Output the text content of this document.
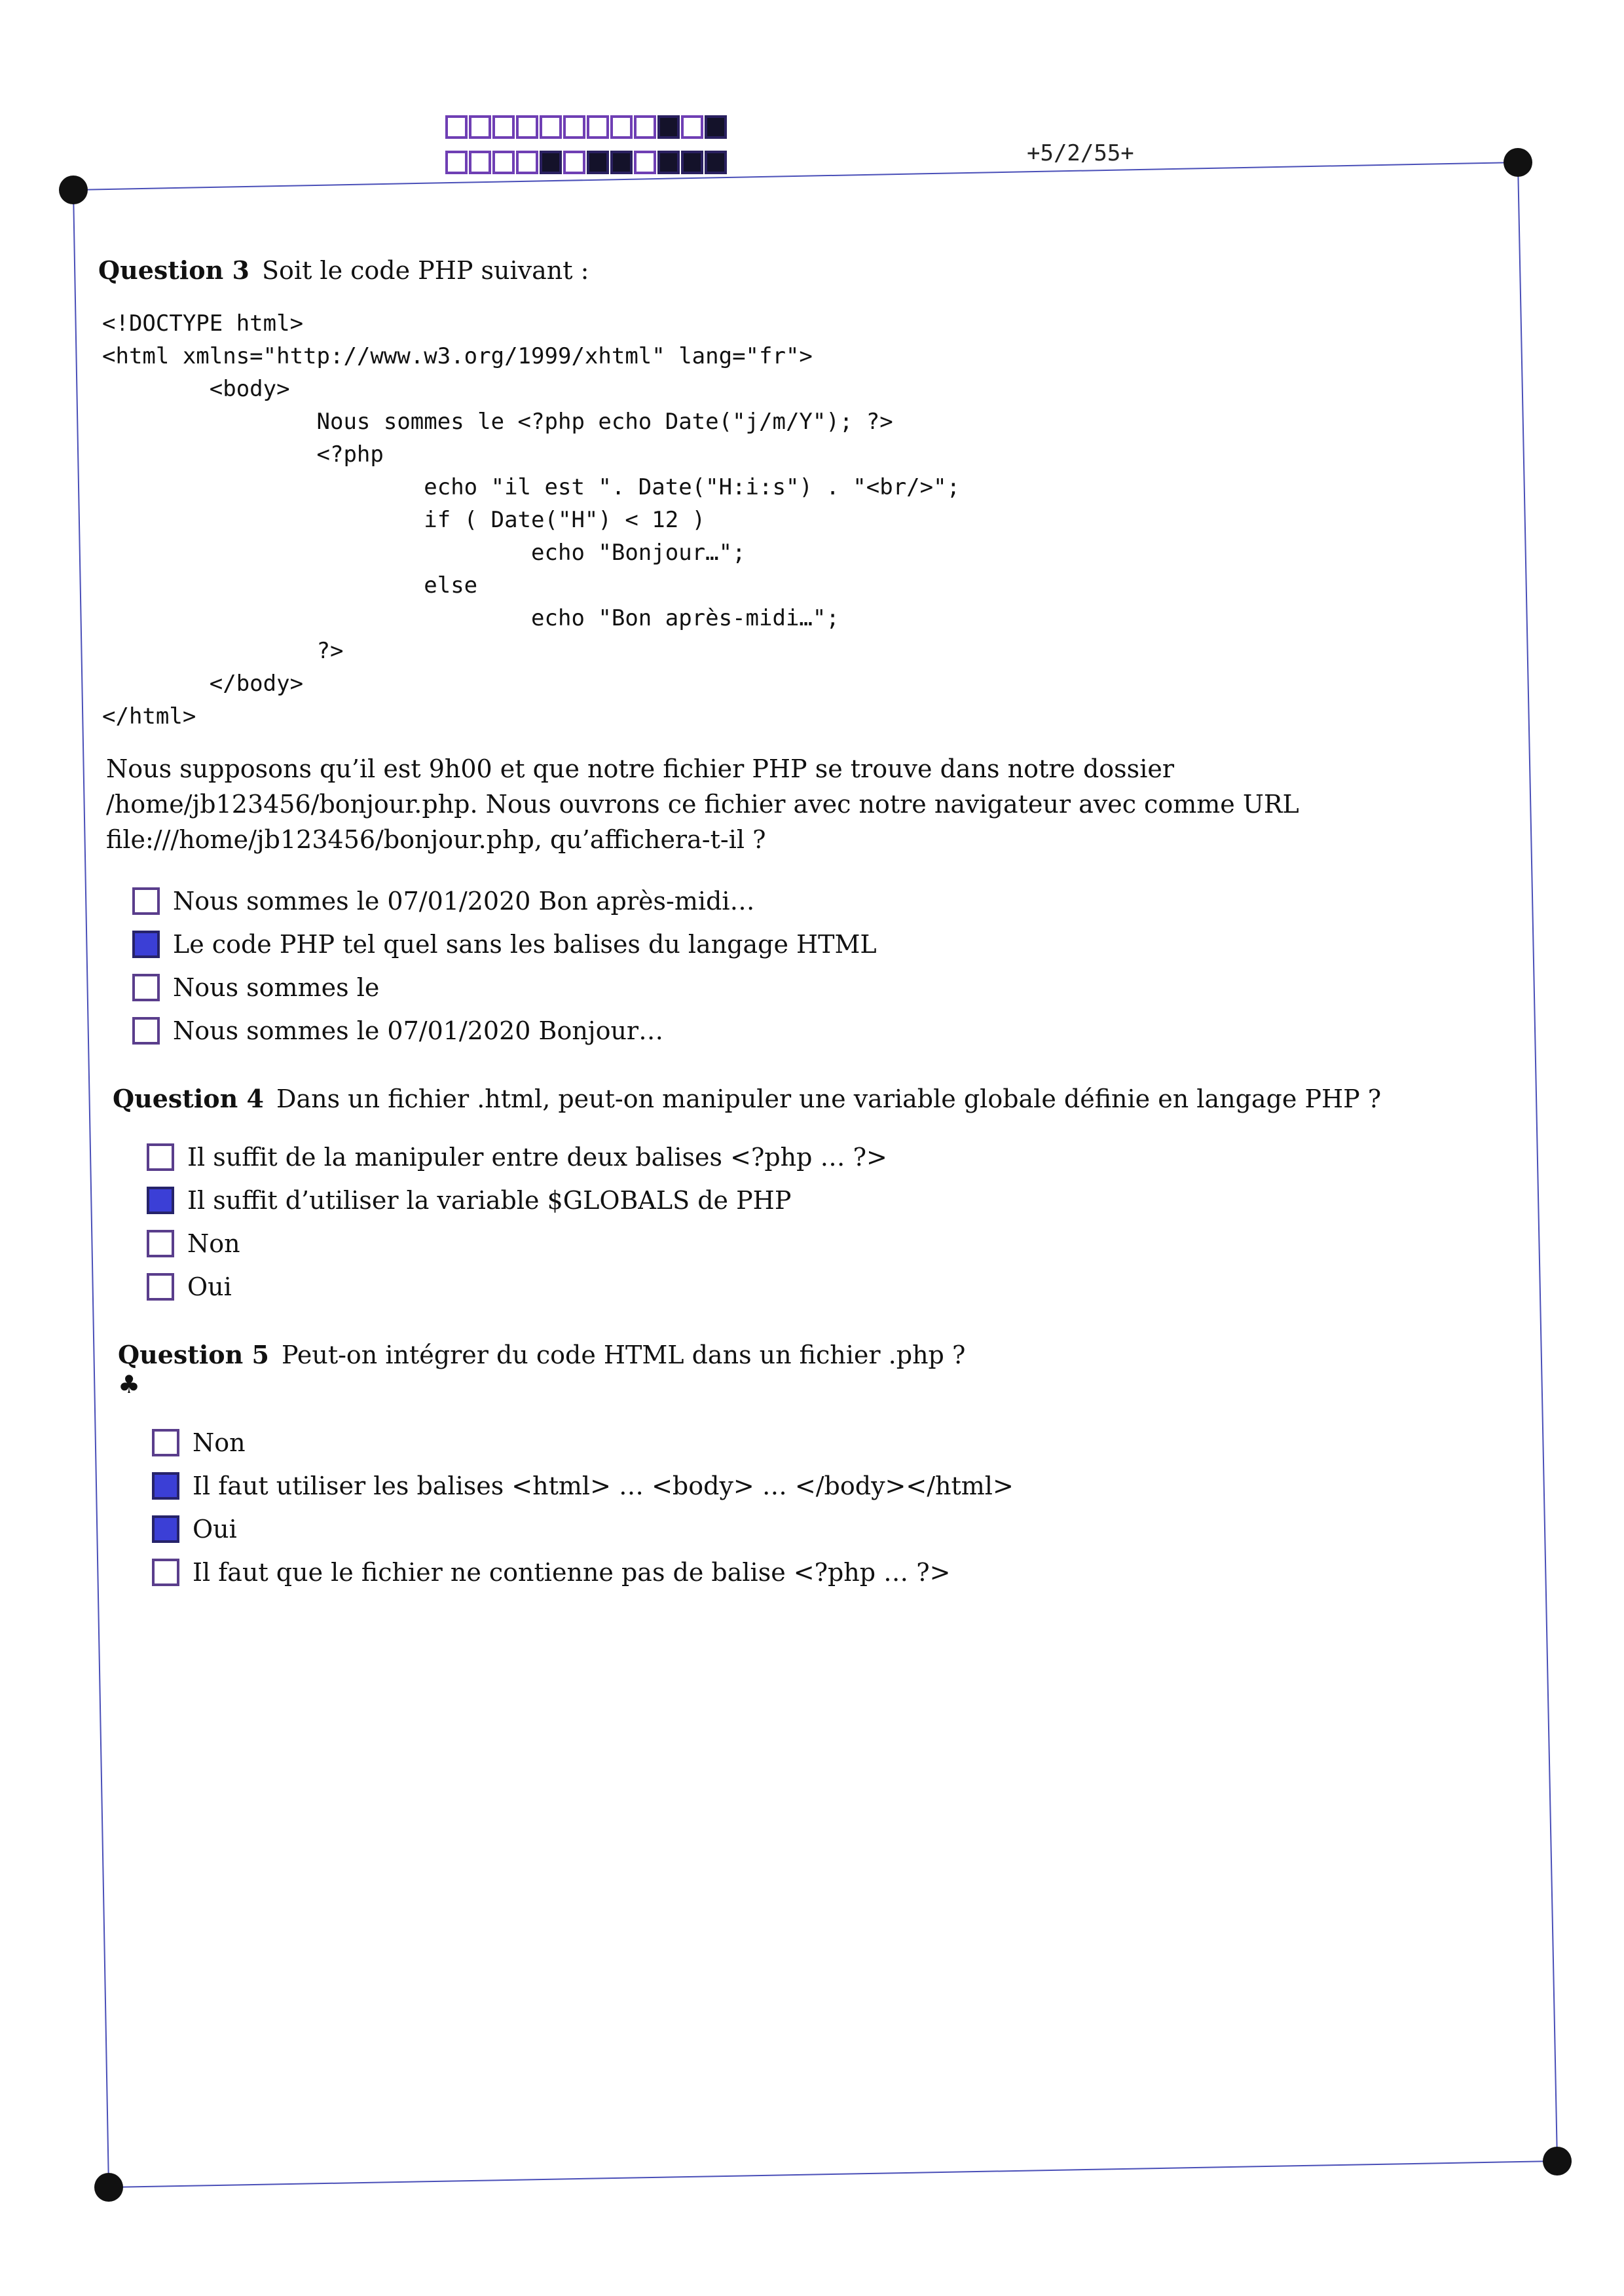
+5/2/55+
Question 3 Soit le code PHP suivant :
<!DOCTYPE html>
<html xmlns="http://www.w3.org/1999/xhtml" lang="fr">
<body>
Nous sommes le <?php echo Date("j/m/Y"); ?>
<?php
echo "il est ". Date("H:i:s") . "<br/>";
if ( Date("H") < 12 )
echo "Bonjour…";
else
echo "Bon après-midi…";
?>
</body>
</html>
Nous supposons qu’il est 9h00 et que notre fichier PHP se trouve dans notre dossier /home/jb123456/bonjour.php. Nous ouvrons ce fichier avec notre navigateur avec comme URL file:///home/jb123456/bonjour.php, qu’affichera-t-il ?
Nous sommes le 07/01/2020 Bon après-midi…
Le code PHP tel quel sans les balises du langage HTML
Nous sommes le
Nous sommes le 07/01/2020 Bonjour…
Question 4 Dans un fichier .html, peut-on manipuler une variable globale définie en langage PHP ?
Il suffit de la manipuler entre deux balises <?php … ?>
Il suffit d’utiliser la variable $GLOBALS de PHP
Non
Oui
Question 5 ♣
Peut-on intégrer du code HTML dans un fichier .php ?
Non
Il faut utiliser les balises <html> … <body> … </body></html>
Oui
Il faut que le fichier ne contienne pas de balise <?php … ?>
